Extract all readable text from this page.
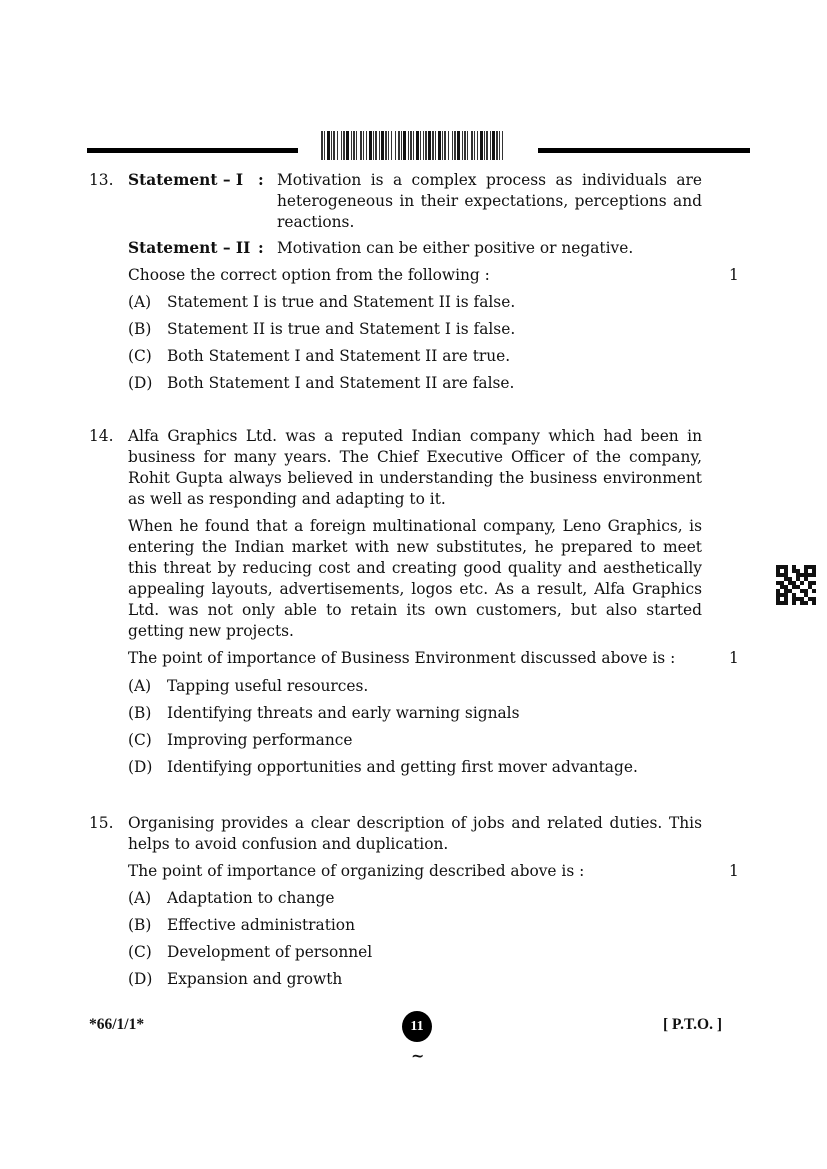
13. Statement – I : Motivation is a complex process as individuals are heterogeneous in their expectations, perceptions and reactions.

Statement – II : Motivation can be either positive or negative.
Choose the correct option from the following :	1
(A) Statement I is true and Statement II is false.
(B) Statement II is true and Statement I is false.
(C) Both Statement I and Statement II are true.
(D) Both Statement I and Statement II are false.
14. Alfa Graphics Ltd. was a reputed Indian company which had been in business for many years. The Chief Executive Officer of the company, Rohit Gupta always believed in understanding the business environment as well as responding and adapting to it.

When he found that a foreign multinational company, Leno Graphics, is entering the Indian market with new substitutes, he prepared to meet this threat by reducing cost and creating good quality and aesthetically appealing layouts, advertisements, logos etc. As a result, Alfa Graphics Ltd. was not only able to retain its own customers, but also started getting new projects.

The point of importance of Business Environment discussed above is :	1
(A) Tapping useful resources.
(B) Identifying threats and early warning signals
(C) Improving performance
(D) Identifying opportunities and getting first mover advantage.
15. Organising provides a clear description of jobs and related duties. This helps to avoid confusion and duplication.

The point of importance of organizing described above is :	1
(A) Adaptation to change
(B) Effective administration
(C) Development of personnel
(D) Expansion and growth
*66/1/1*	11
~
[ P.T.O. ]
